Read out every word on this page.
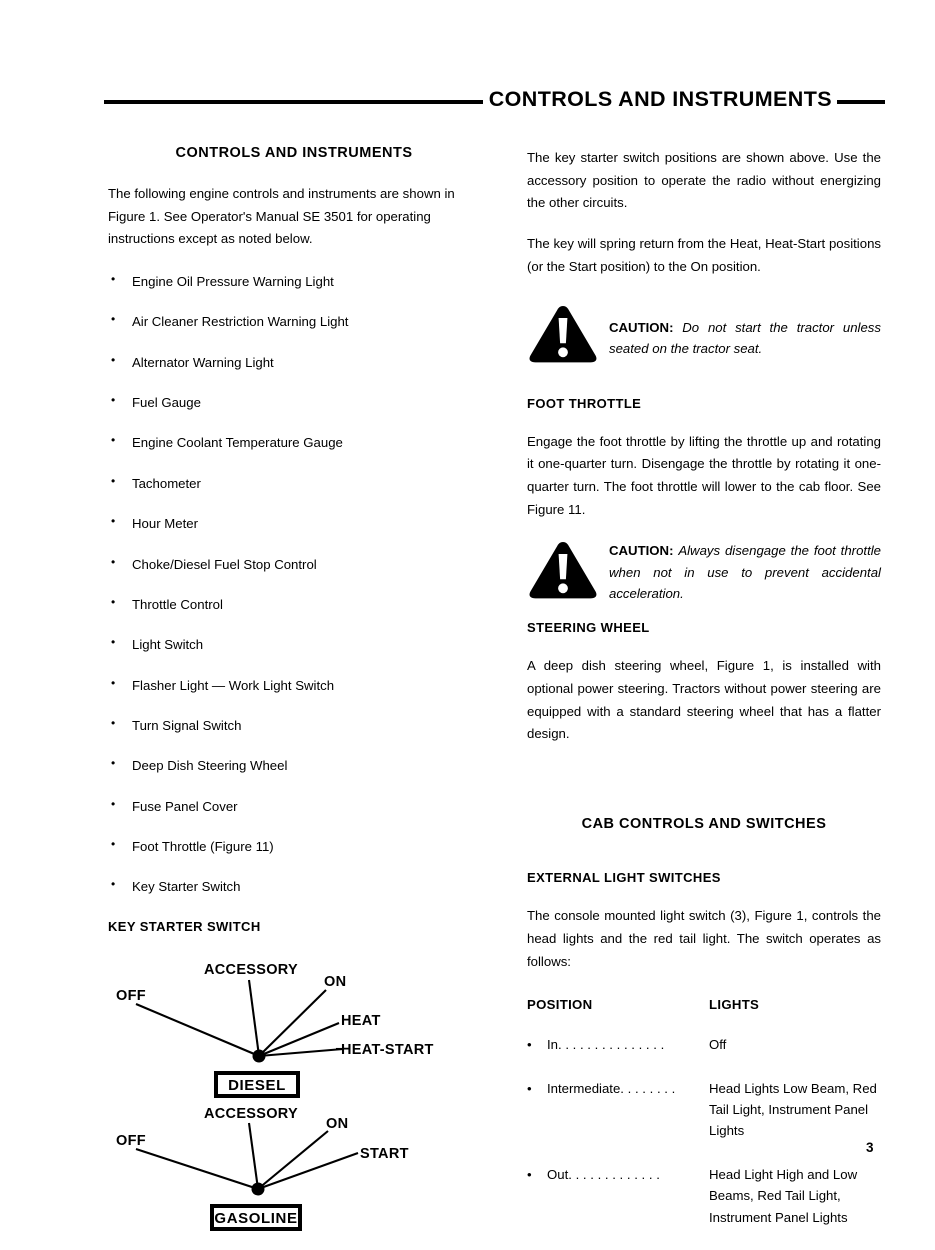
CONTROLS AND INSTRUMENTS
CONTROLS AND INSTRUMENTS

The following engine controls and instruments are shown in Figure 1. See Operator's Manual SE 3501 for operating instructions except as noted below.

• Engine Oil Pressure Warning Light
• Air Cleaner Restriction Warning Light
• Alternator Warning Light
• Fuel Gauge
• Engine Coolant Temperature Gauge
• Tachometer
• Hour Meter
• Choke/Diesel Fuel Stop Control
• Throttle Control
• Light Switch
• Flasher Light — Work Light Switch
• Turn Signal Switch
• Deep Dish Steering Wheel
• Fuse Panel Cover
• Foot Throttle (Figure 11)
• Key Starter Switch
KEY STARTER SWITCH
ACCESSORY
OFF
ON
HEAT
HEAT-START
DIESEL
ACCESSORY
OFF
ON
START
GASOLINE

The key starter switch positions are shown above. Use the accessory position to operate the radio without energizing the other circuits.

The key will spring return from the Heat, Heat-Start positions (or the Start position) to the On position.

CAUTION: Do not start the tractor unless seated on the tractor seat.
FOOT THROTTLE

Engage the foot throttle by lifting the throttle up and rotating it one-quarter turn. Disengage the throttle by rotating it one-quarter turn. The foot throttle will lower to the cab floor. See Figure 11.

CAUTION: Always disengage the foot throttle when not in use to prevent accidental acceleration.
STEERING WHEEL

A deep dish steering wheel, Figure 1, is installed with optional power steering. Tractors without power steering are equipped with a standard steering wheel that has a flatter design.

CAB CONTROLS AND SWITCHES
EXTERNAL LIGHT SWITCHES

The console mounted light switch (3), Figure 1, controls the head lights and the red tail light. The switch operates as follows:

POSITION	LIGHTS
• In. . . . . . . . . . . . . . .	Off
• Intermediate. . . . . . . .	Head Lights Low Beam, Red Tail Light, Instrument Panel Lights
• Out. . . . . . . . . . . . .	Head Light High and Low Beams, Red Tail Light, Instrument Panel Lights
3
